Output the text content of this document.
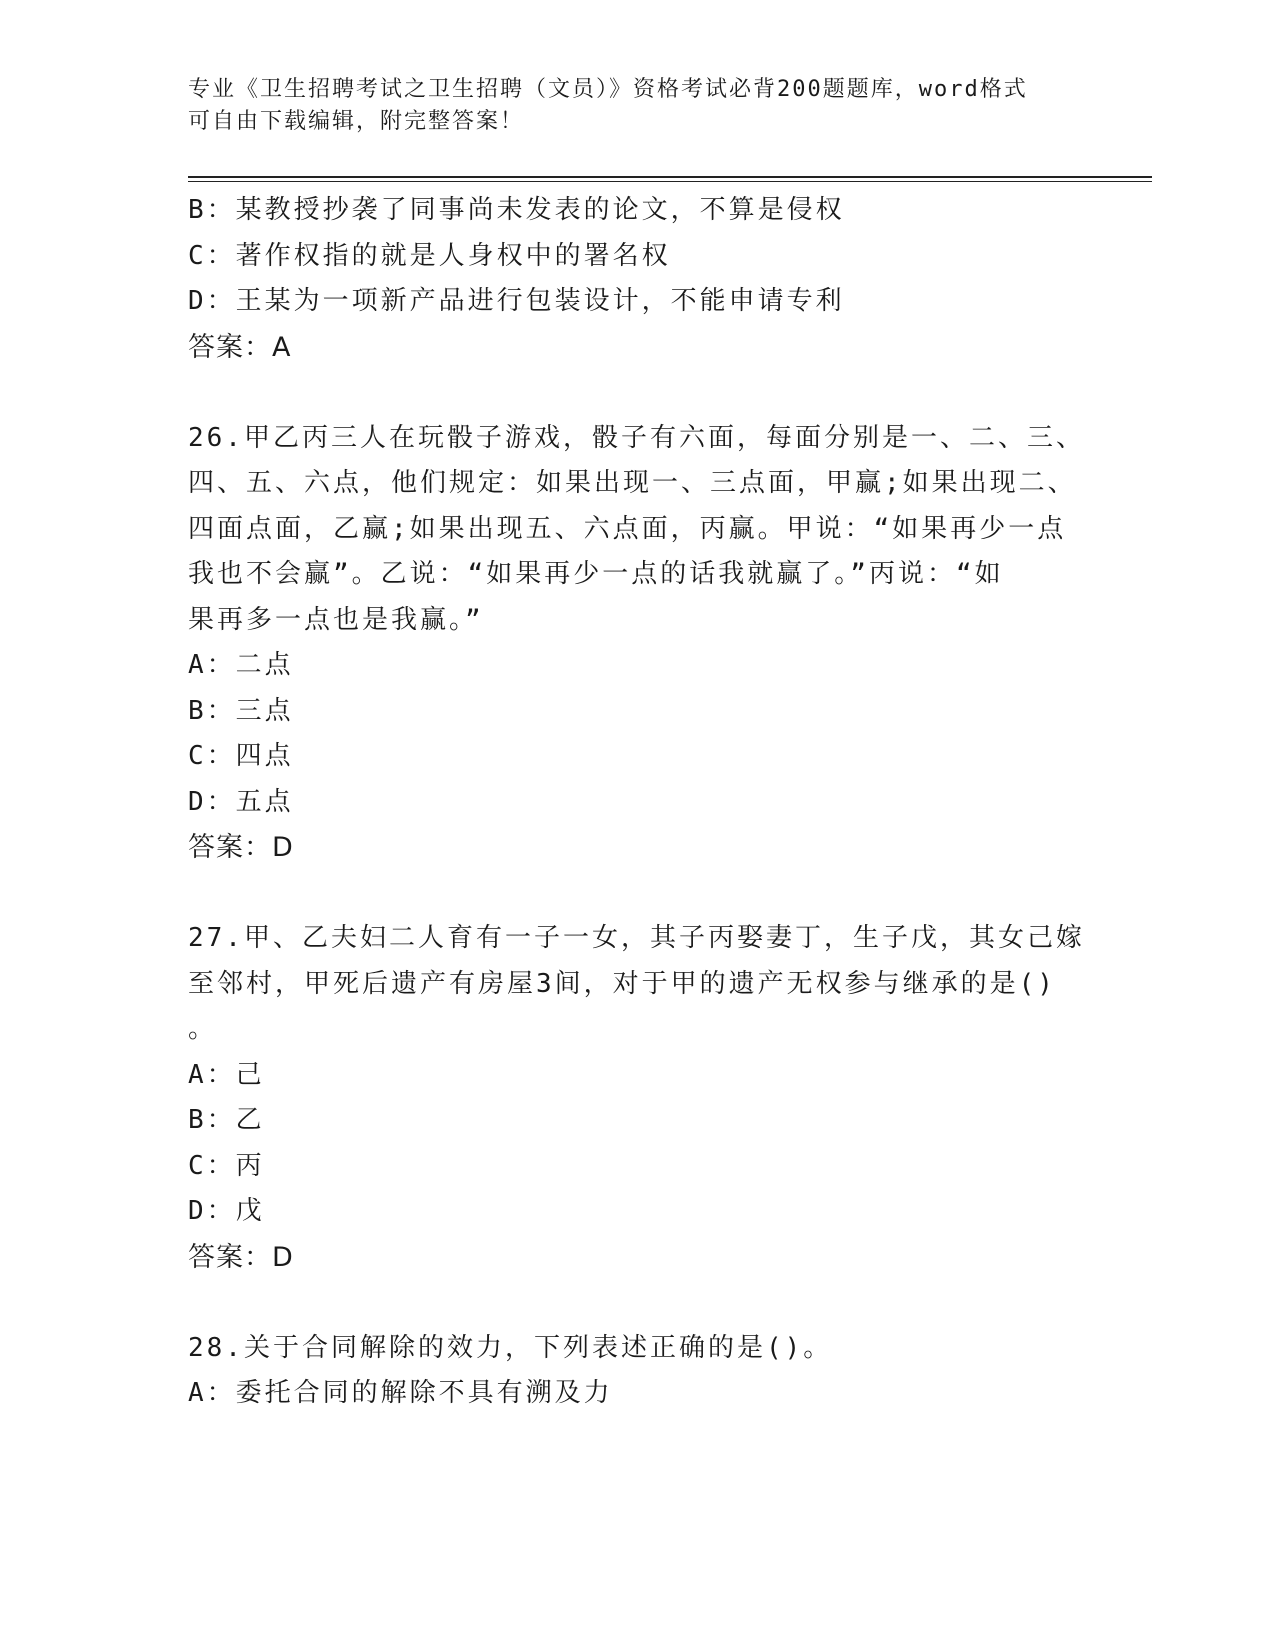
专业《卫生招聘考试之卫生招聘（文员）》资格考试必背200题题库，word格式
可自由下载编辑，附完整答案！
B：某教授抄袭了同事尚未发表的论文，不算是侵权
C：著作权指的就是人身权中的署名权
D：王某为一项新产品进行包装设计，不能申请专利
答案：A
26.甲乙丙三人在玩骰子游戏，骰子有六面，每面分别是一、二、三、
四、五、六点，他们规定：如果出现一、三点面，甲赢;如果出现二、
四面点面，乙赢;如果出现五、六点面，丙赢。甲说：“如果再少一点
我也不会赢”。乙说：“如果再少一点的话我就赢了。”丙说：“如
果再多一点也是我赢。”
A：二点
B：三点
C：四点
D：五点
答案：D
27.甲、乙夫妇二人育有一子一女，其子丙娶妻丁，生子戊，其女己嫁
至邻村，甲死后遗产有房屋3间，对于甲的遗产无权参与继承的是()
。
A：己
B：乙
C：丙
D：戊
答案：D
28.关于合同解除的效力，下列表述正确的是()。
A：委托合同的解除不具有溯及力
